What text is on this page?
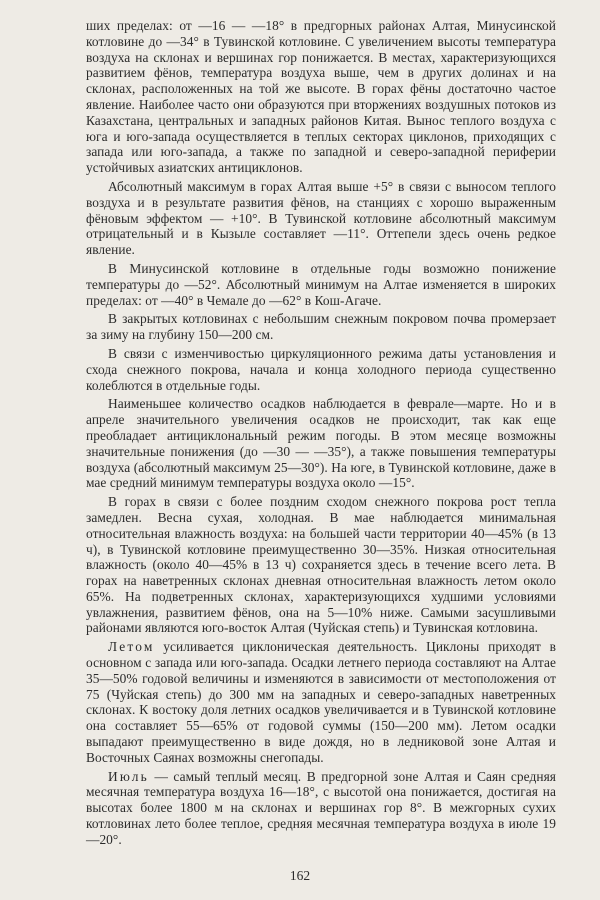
ших пределах: от —16 — —18° в предгорных районах Алтая, Минусинской котловине до —34° в Тувинской котловине. С увеличением высоты температура воздуха на склонах и вершинах гор понижается. В местах, характеризующихся развитием фёнов, температура воздуха выше, чем в других долинах и на склонах, расположенных на той же высоте. В горах фёны достаточно частое явление. Наиболее часто они образуются при вторжениях воздушных потоков из Казахстана, центральных и западных районов Китая. Вынос теплого воздуха с юга и юго-запада осуществляется в теплых секторах циклонов, приходящих с запада или юго-запада, а также по западной и северо-западной периферии устойчивых азиатских антициклонов.

Абсолютный максимум в горах Алтая выше +5° в связи с выносом теплого воздуха и в результате развития фёнов, на станциях с хорошо выраженным фёновым эффектом — +10°. В Тувинской котловине абсолютный максимум отрицательный и в Кызыле составляет —11°. Оттепели здесь очень редкое явление.

В Минусинской котловине в отдельные годы возможно понижение температуры до —52°. Абсолютный минимум на Алтае изменяется в широких пределах: от —40° в Чемале до —62° в Кош-Агаче.

В закрытых котловинах с небольшим снежным покровом почва промерзает за зиму на глубину 150—200 см.

В связи с изменчивостью циркуляционного режима даты установления и схода снежного покрова, начала и конца холодного периода существенно колеблются в отдельные годы.

Наименьшее количество осадков наблюдается в феврале—марте. Но и в апреле значительного увеличения осадков не происходит, так как еще преобладает антициклональный режим погоды. В этом месяце возможны значительные понижения (до —30 — —35°), а также повышения температуры воздуха (абсолютный максимум 25—30°). На юге, в Тувинской котловине, даже в мае средний минимум температуры воздуха около —15°.

В горах в связи с более поздним сходом снежного покрова рост тепла замедлен. Весна сухая, холодная. В мае наблюдается минимальная относительная влажность воздуха: на большей части территории 40—45% (в 13 ч), в Тувинской котловине преимущественно 30—35%. Низкая относительная влажность (около 40—45% в 13 ч) сохраняется здесь в течение всего лета. В горах на наветренных склонах дневная относительная влажность летом около 65%. На подветренных склонах, характеризующихся худшими условиями увлажнения, развитием фёнов, она на 5—10% ниже. Самыми засушливыми районами являются юго-восток Алтая (Чуйская степь) и Тувинская котловина.

Летом усиливается циклоническая деятельность. Циклоны приходят в основном с запада или юго-запада. Осадки летнего периода составляют на Алтае 35—50% годовой величины и изменяются в зависимости от местоположения от 75 (Чуйская степь) до 300 мм на западных и северо-западных наветренных склонах. К востоку доля летних осадков увеличивается и в Тувинской котловине она составляет 55—65% от годовой суммы (150—200 мм). Летом осадки выпадают преимущественно в виде дождя, но в ледниковой зоне Алтая и Восточных Саянах возможны снегопады.

Июль — самый теплый месяц. В предгорной зоне Алтая и Саян средняя месячная температура воздуха 16—18°, с высотой она понижается, достигая на высотах более 1800 м на склонах и вершинах гор 8°. В межгорных сухих котловинах лето более теплое, средняя месячная температура воздуха в июле 19—20°.

162
